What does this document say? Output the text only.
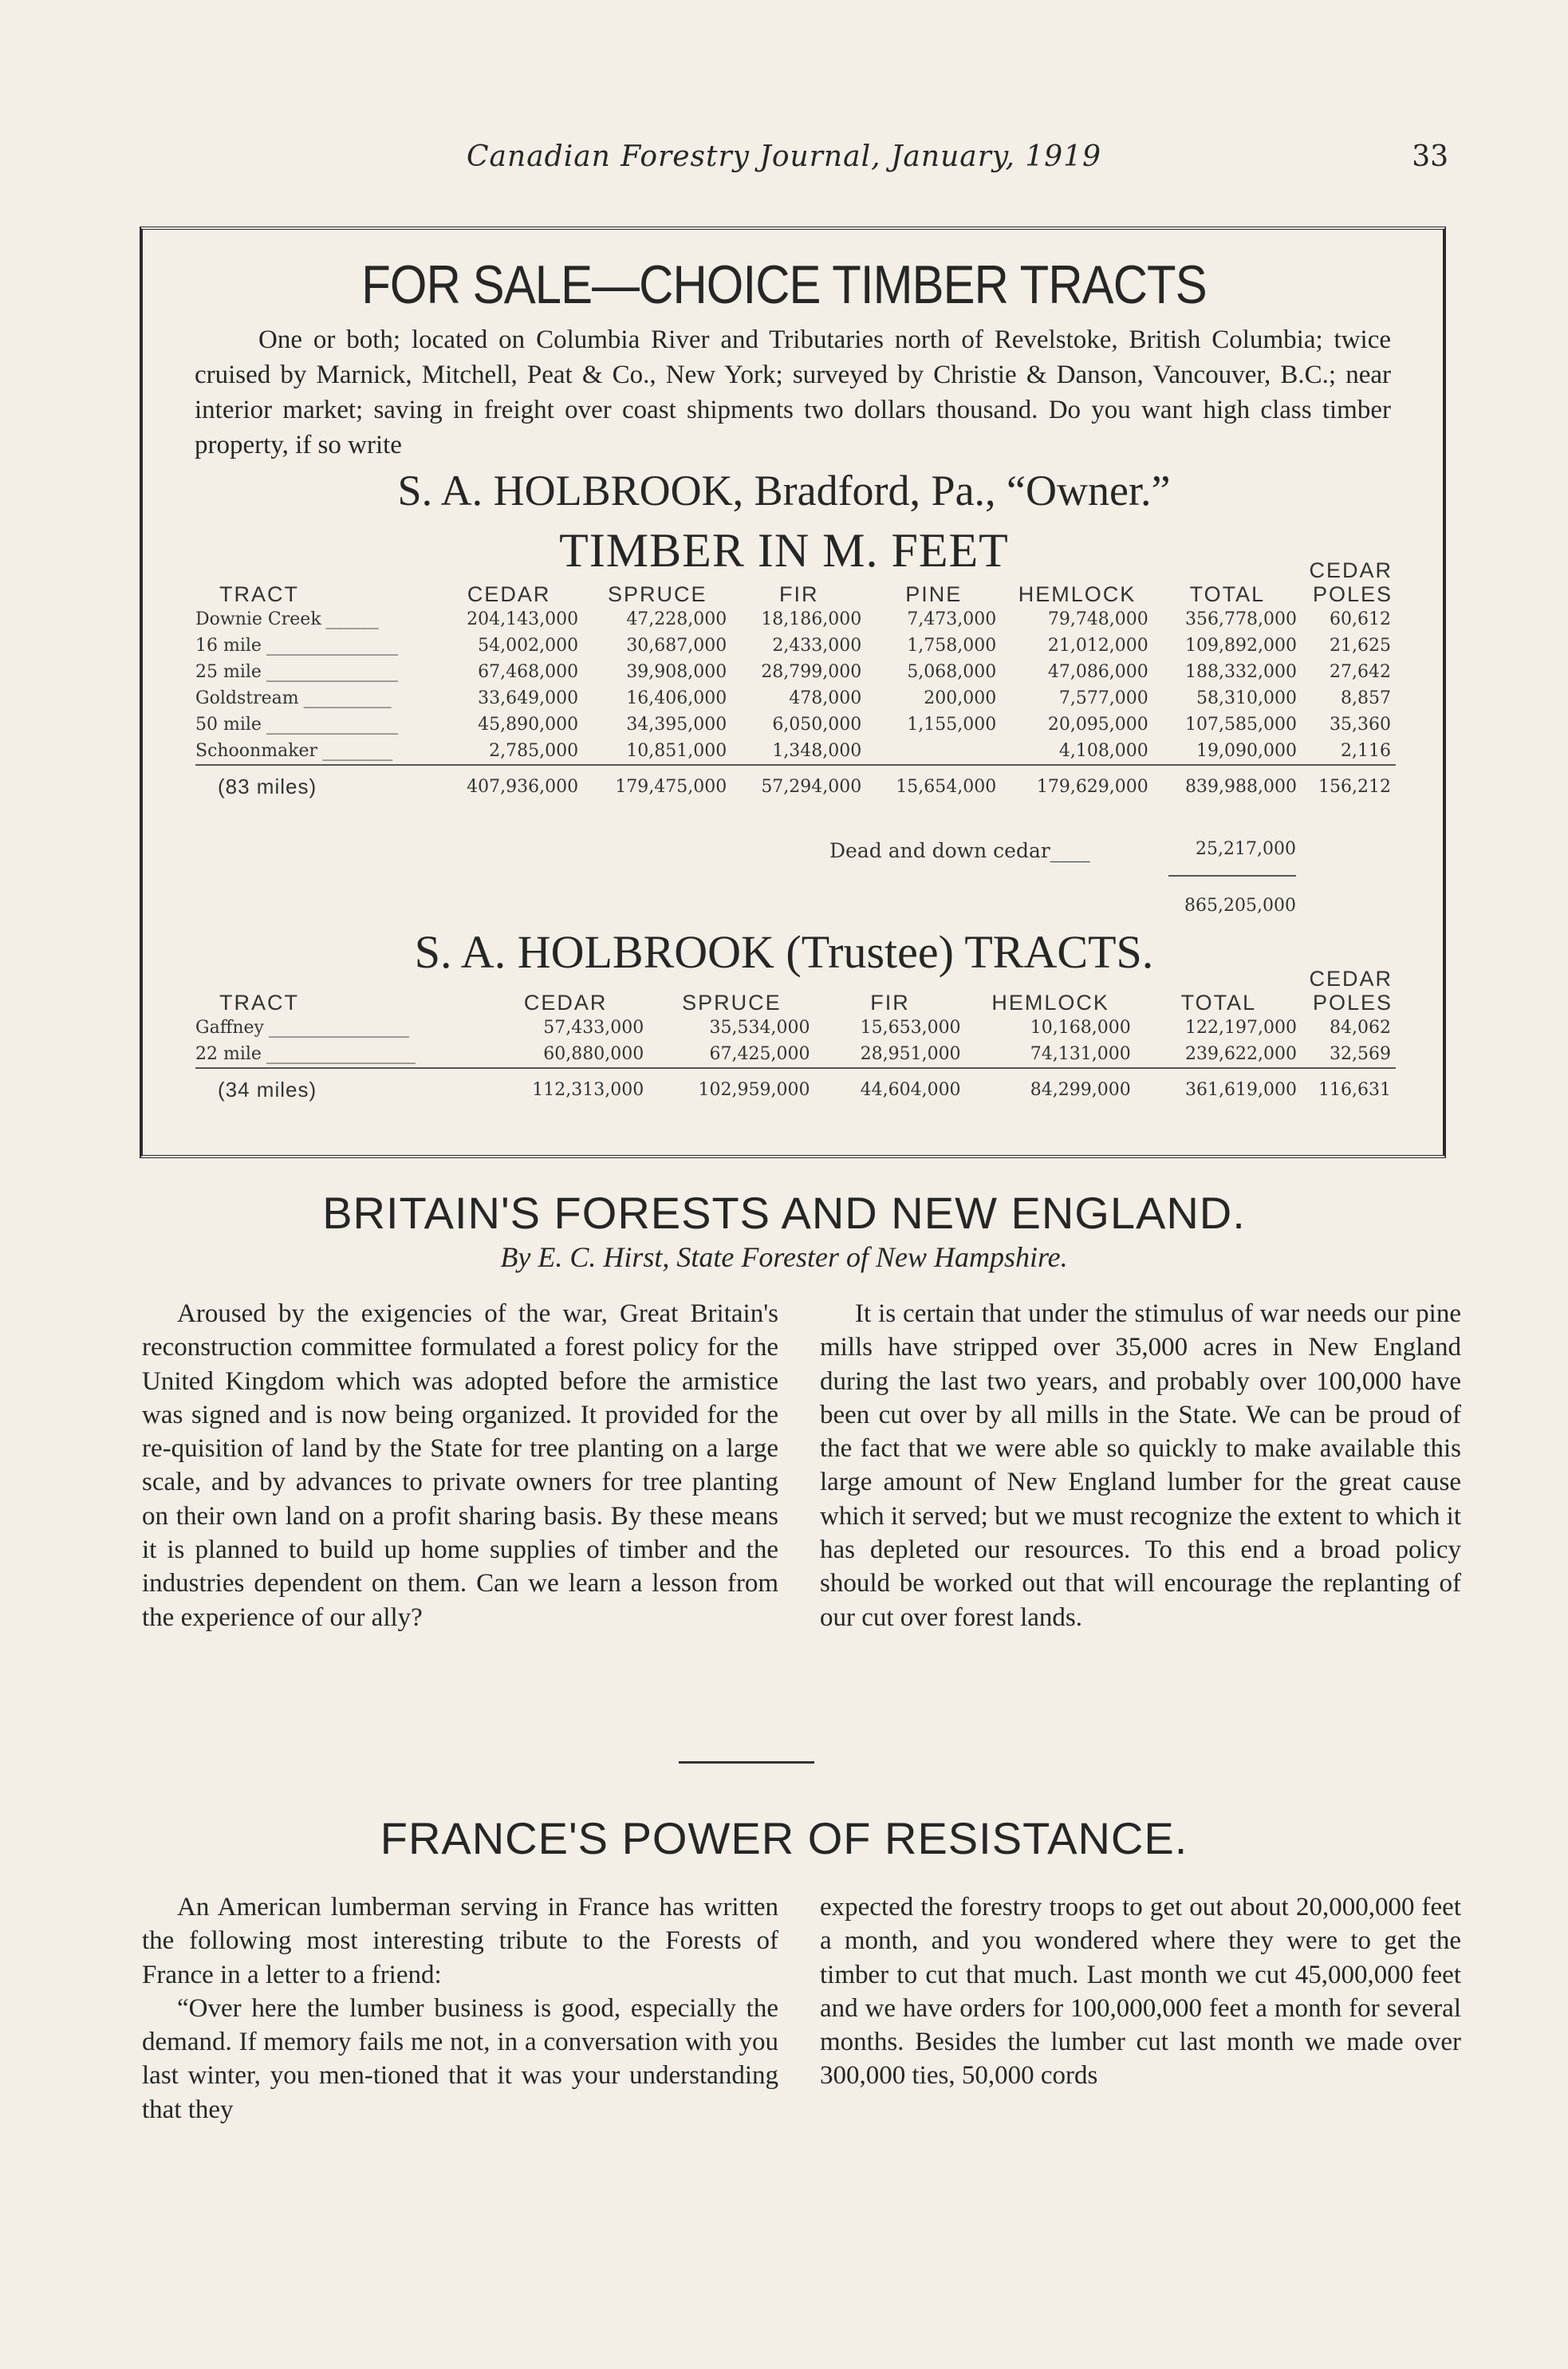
Canadian Forestry Journal, January, 1919	33
FOR SALE—CHOICE TIMBER TRACTS
One or both; located on Columbia River and Tributaries north of Revelstoke, British Columbia; twice cruised by Marnick, Mitchell, Peat & Co., New York; surveyed by Christie & Danson, Vancouver, B.C.; near interior market; saving in freight over coast shipments two dollars thousand. Do you want high class timber property, if so write
S. A. HOLBROOK, Bradford, Pa., “Owner.”
TIMBER IN M. FEET
TRACT	CEDAR	SPRUCE	FIR	PINE	HEMLOCK	TOTAL	CEDAR POLES
Downie Creek ______	204,143,000	47,228,000	18,186,000	7,473,000	79,748,000	356,778,000	60,612
16 mile _______________	54,002,000	30,687,000	2,433,000	1,758,000	21,012,000	109,892,000	21,625
25 mile _______________	67,468,000	39,908,000	28,799,000	5,068,000	47,086,000	188,332,000	27,642
Goldstream __________	33,649,000	16,406,000	478,000	200,000	7,577,000	58,310,000	8,857
50 mile _______________	45,890,000	34,395,000	6,050,000	1,155,000	20,095,000	107,585,000	35,360
Schoonmaker ________	2,785,000	10,851,000	1,348,000		4,108,000	19,090,000	2,116

(83 miles)	407,936,000	179,475,000	57,294,000	15,654,000	179,629,000	839,988,000	156,212
Dead and down cedar____	25,217,000
865,205,000
S. A. HOLBROOK (Trustee) TRACTS.
TRACT	CEDAR	SPRUCE	FIR	HEMLOCK	TOTAL	CEDAR POLES
Gaffney ________________	57,433,000	35,534,000	15,653,000	10,168,000	122,197,000	84,062
22 mile _________________	60,880,000	67,425,000	28,951,000	74,131,000	239,622,000	32,569

(34 miles)	112,313,000	102,959,000	44,604,000	84,299,000	361,619,000	116,631
BRITAIN'S FORESTS AND NEW ENGLAND.
By E. C. Hirst, State Forester of New Hampshire.

Aroused by the exigencies of the war, Great Britain's reconstruction committee formulated a forest policy for the United Kingdom which was adopted before the armistice was signed and is now being organized. It provided for the re-quisition of land by the State for tree planting on a large scale, and by advances to private owners for tree planting on their own land on a profit sharing basis. By these means it is planned to build up home supplies of timber and the industries dependent on them. Can we learn a lesson from the experience of our ally?

It is certain that under the stimulus of war needs our pine mills have stripped over 35,000 acres in New England during the last two years, and probably over 100,000 have been cut over by all mills in the State. We can be proud of the fact that we were able so quickly to make available this large amount of New England lumber for the great cause which it served; but we must recognize the extent to which it has depleted our resources. To this end a broad policy should be worked out that will encourage the replanting of our cut over forest lands.

FRANCE'S POWER OF RESISTANCE.

An American lumberman serving in France has written the following most interesting tribute to the Forests of France in a letter to a friend:

“Over here the lumber business is good, especially the demand. If memory fails me not, in a conversation with you last winter, you men-tioned that it was your understanding that they

expected the forestry troops to get out about 20,000,000 feet a month, and you wondered where they were to get the timber to cut that much. Last month we cut 45,000,000 feet and we have orders for 100,000,000 feet a month for several months. Besides the lumber cut last month we made over 300,000 ties, 50,000 cords
